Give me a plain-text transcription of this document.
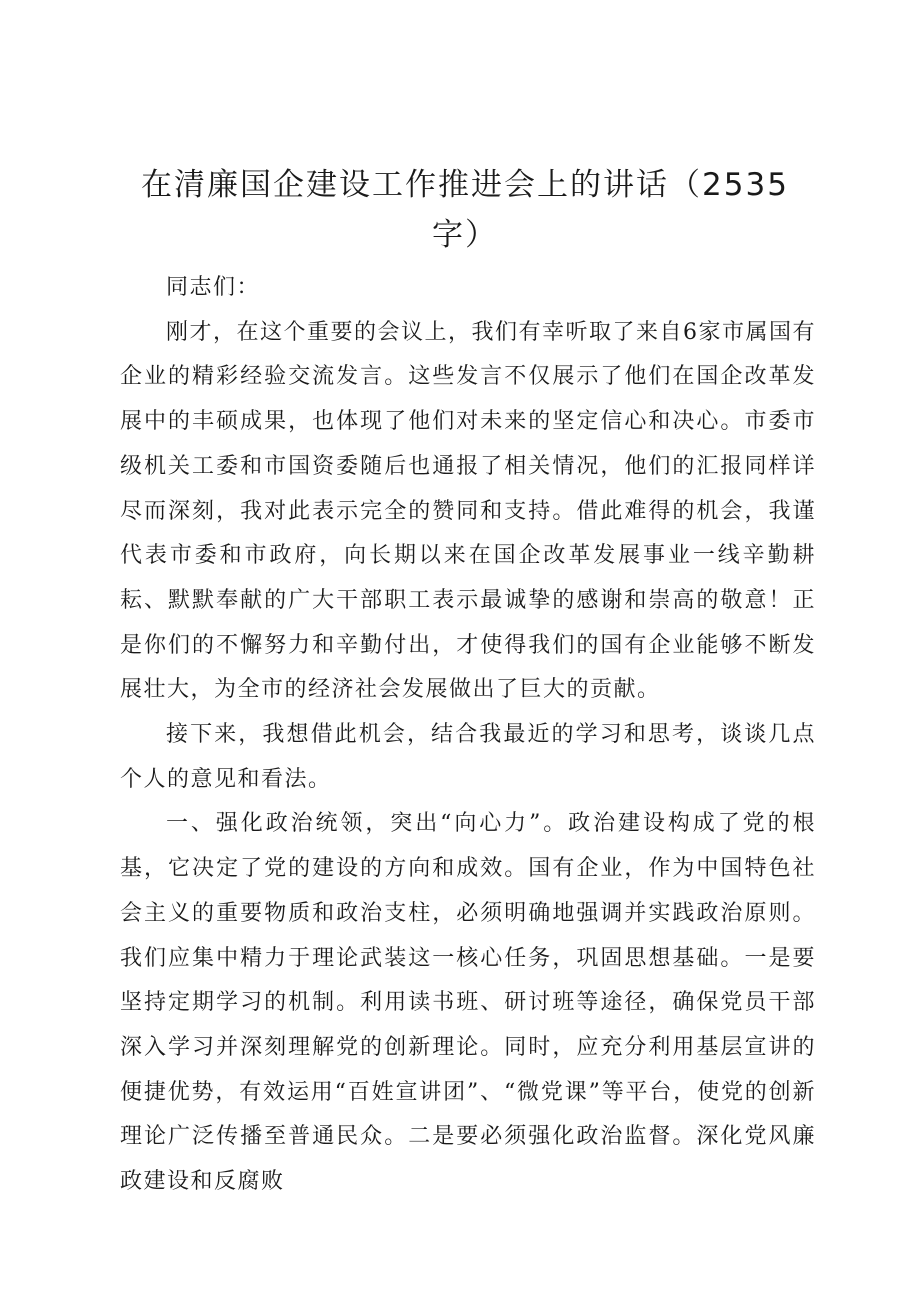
在清廉国企建设工作推进会上的讲话（2535字）

同志们：

刚才，在这个重要的会议上，我们有幸听取了来自6家市属国有企业的精彩经验交流发言。这些发言不仅展示了他们在国企改革发展中的丰硕成果，也体现了他们对未来的坚定信心和决心。市委市级机关工委和市国资委随后也通报了相关情况，他们的汇报同样详尽而深刻，我对此表示完全的赞同和支持。借此难得的机会，我谨代表市委和市政府，向长期以来在国企改革发展事业一线辛勤耕耘、默默奉献的广大干部职工表示最诚挚的感谢和崇高的敬意！正是你们的不懈努力和辛勤付出，才使得我们的国有企业能够不断发展壮大，为全市的经济社会发展做出了巨大的贡献。

接下来，我想借此机会，结合我最近的学习和思考，谈谈几点个人的意见和看法。

一、强化政治统领，突出“向心力”。政治建设构成了党的根基，它决定了党的建设的方向和成效。国有企业，作为中国特色社会主义的重要物质和政治支柱，必须明确地强调并实践政治原则。我们应集中精力于理论武装这一核心任务，巩固思想基础。一是要坚持定期学习的机制。利用读书班、研讨班等途径，确保党员干部深入学习并深刻理解党的创新理论。同时，应充分利用基层宣讲的便捷优势，有效运用“百姓宣讲团”、“微党课”等平台，使党的创新理论广泛传播至普通民众。二是要必须强化政治监督。深化党风廉政建设和反腐败
